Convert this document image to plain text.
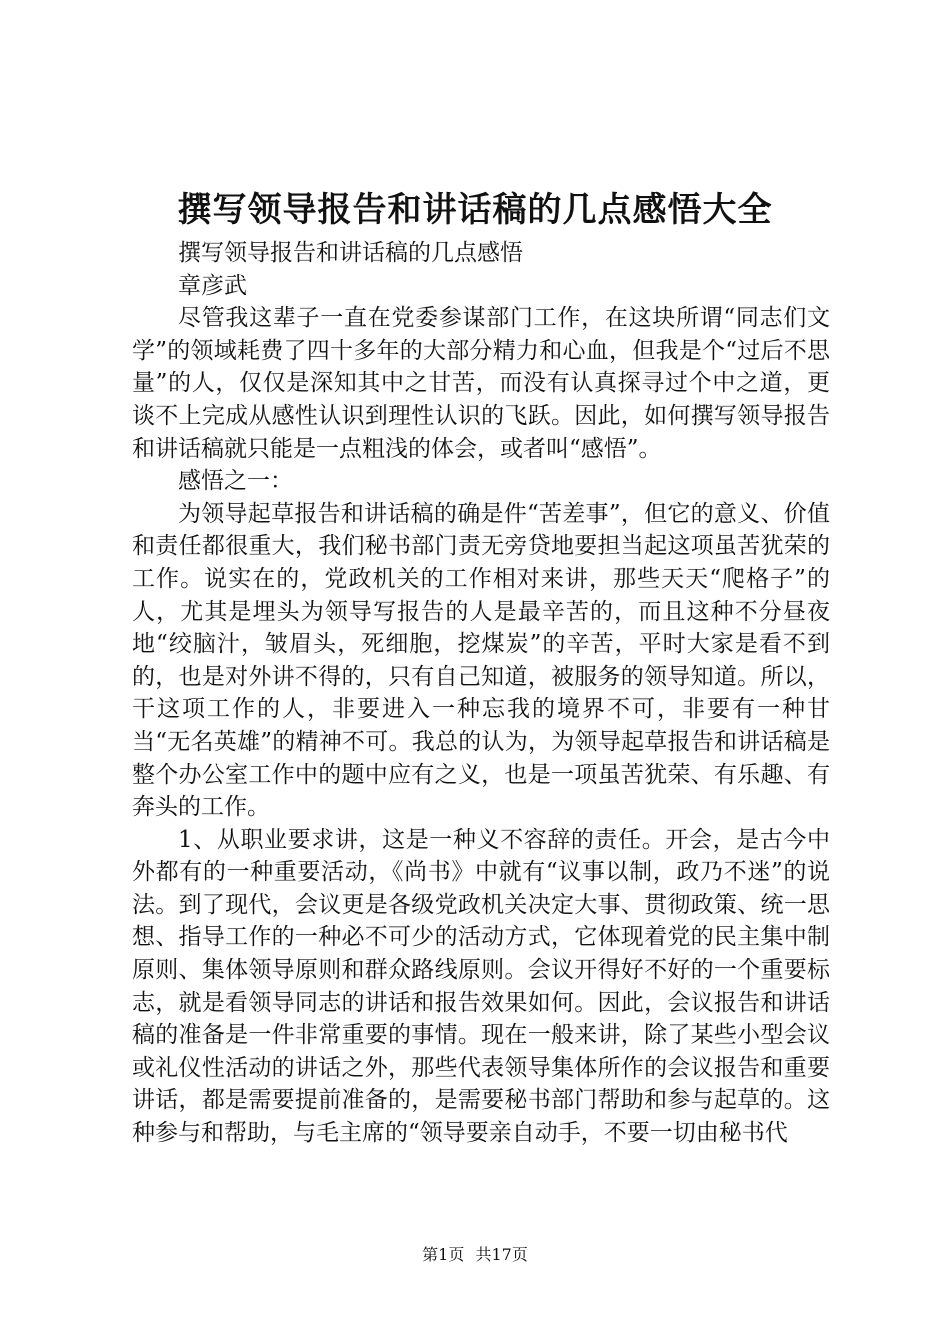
撰写领导报告和讲话稿的几点感悟大全

撰写领导报告和讲话稿的几点感悟

章彦武

尽管我这辈子一直在党委参谋部门工作，在这块所谓“同志们文学”的领域耗费了四十多年的大部分精力和心血，但我是个“过后不思量”的人，仅仅是深知其中之甘苦，而没有认真探寻过个中之道，更谈不上完成从感性认识到理性认识的飞跃。因此，如何撰写领导报告和讲话稿就只能是一点粗浅的体会，或者叫“感悟”。

感悟之一：

为领导起草报告和讲话稿的确是件“苦差事”，但它的意义、价值和责任都很重大，我们秘书部门责无旁贷地要担当起这项虽苦犹荣的工作。说实在的，党政机关的工作相对来讲，那些天天“爬格子”的人，尤其是埋头为领导写报告的人是最辛苦的，而且这种不分昼夜地“绞脑汁，皱眉头，死细胞，挖煤炭”的辛苦，平时大家是看不到的，也是对外讲不得的，只有自己知道，被服务的领导知道。所以，干这项工作的人，非要进入一种忘我的境界不可，非要有一种甘当“无名英雄”的精神不可。我总的认为，为领导起草报告和讲话稿是整个办公室工作中的题中应有之义，也是一项虽苦犹荣、有乐趣、有奔头的工作。

1、从职业要求讲，这是一种义不容辞的责任。开会，是古今中外都有的一种重要活动，《尚书》中就有“议事以制，政乃不迷”的说法。到了现代，会议更是各级党政机关决定大事、贯彻政策、统一思想、指导工作的一种必不可少的活动方式，它体现着党的民主集中制原则、集体领导原则和群众路线原则。会议开得好不好的一个重要标志，就是看领导同志的讲话和报告效果如何。因此，会议报告和讲话稿的准备是一件非常重要的事情。现在一般来讲，除了某些小型会议或礼仪性活动的讲话之外，那些代表领导集体所作的会议报告和重要讲话，都是需要提前准备的，是需要秘书部门帮助和参与起草的。这种参与和帮助，与毛主席的“领导要亲自动手，不要一切由秘书代

第1页 共17页
